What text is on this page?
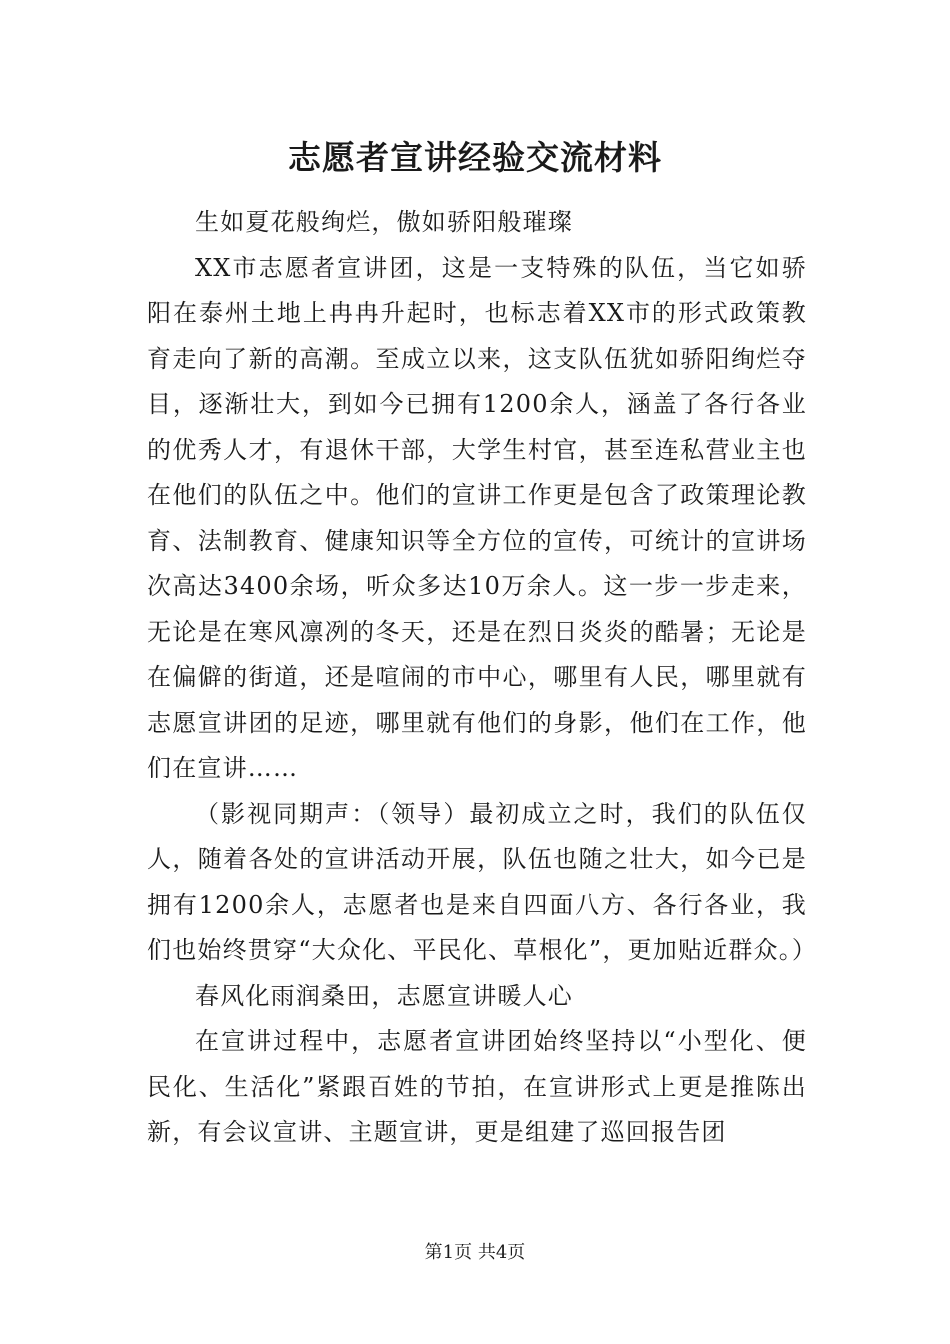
志愿者宣讲经验交流材料

生如夏花般绚烂，傲如骄阳般璀璨

XX市志愿者宣讲团，这是一支特殊的队伍，当它如骄阳在泰州土地上冉冉升起时，也标志着XX市的形式政策教育走向了新的高潮。至成立以来，这支队伍犹如骄阳绚烂夺目，逐渐壮大，到如今已拥有1200余人，涵盖了各行各业的优秀人才，有退休干部，大学生村官，甚至连私营业主也在他们的队伍之中。他们的宣讲工作更是包含了政策理论教育、法制教育、健康知识等全方位的宣传，可统计的宣讲场次高达3400余场，听众多达10万余人。这一步一步走来，无论是在寒风凛冽的冬天，还是在烈日炎炎的酷暑；无论是在偏僻的街道，还是喧闹的市中心，哪里有人民，哪里就有志愿宣讲团的足迹，哪里就有他们的身影，他们在工作，他们在宣讲……

（影视同期声：（领导）最初成立之时，我们的队伍仅人，随着各处的宣讲活动开展，队伍也随之壮大，如今已是拥有1200余人，志愿者也是来自四面八方、各行各业，我们也始终贯穿“大众化、平民化、草根化”，更加贴近群众。）

春风化雨润桑田，志愿宣讲暖人心

在宣讲过程中，志愿者宣讲团始终坚持以“小型化、便民化、生活化”紧跟百姓的节拍，在宣讲形式上更是推陈出新，有会议宣讲、主题宣讲，更是组建了巡回报告团

第1页 共4页
